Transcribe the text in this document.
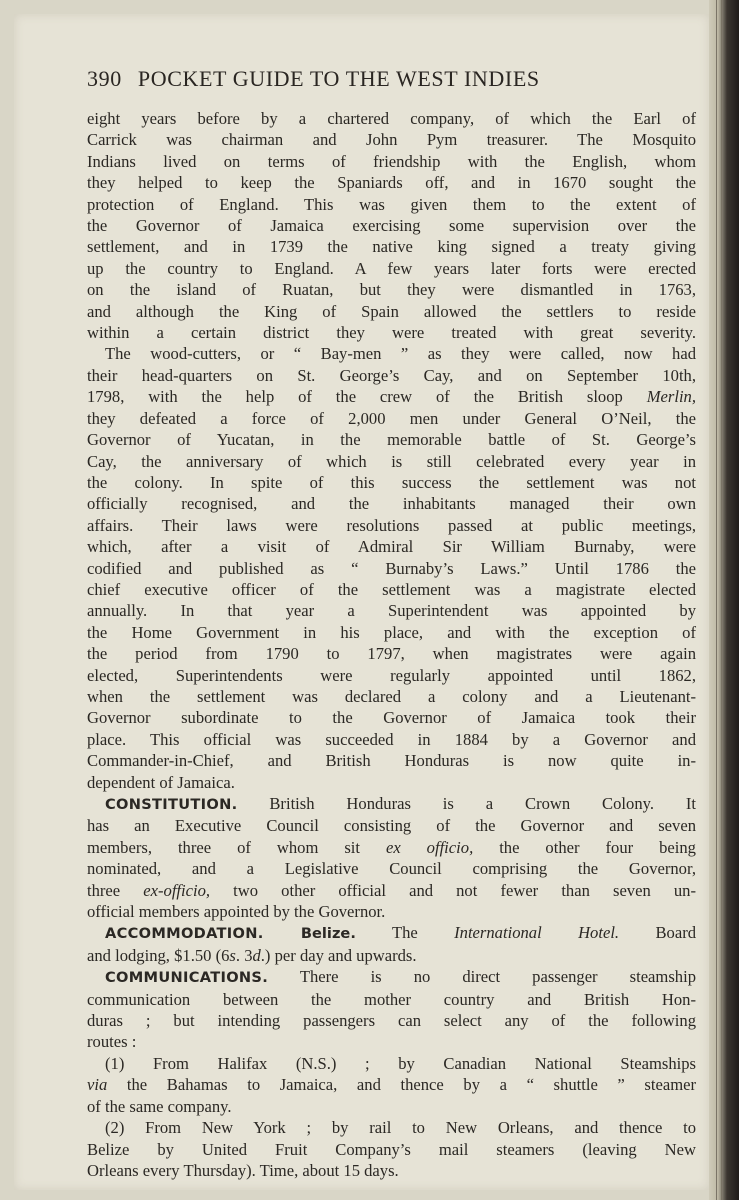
390 POCKET GUIDE TO THE WEST INDIES
eight years before by a chartered company, of which the Earl of
Carrick was chairman and John Pym treasurer. The Mosquito
Indians lived on terms of friendship with the English, whom
they helped to keep the Spaniards off, and in 1670 sought the
protection of England. This was given them to the extent of
the Governor of Jamaica exercising some supervision over the
settlement, and in 1739 the native king signed a treaty giving
up the country to England. A few years later forts were erected
on the island of Ruatan, but they were dismantled in 1763,
and although the King of Spain allowed the settlers to reside
within a certain district they were treated with great severity.
The wood-cutters, or “ Bay-men ” as they were called, now had
their head-quarters on St. George’s Cay, and on September 10th,
1798, with the help of the crew of the British sloop Merlin,
they defeated a force of 2,000 men under General O’Neil, the
Governor of Yucatan, in the memorable battle of St. George’s
Cay, the anniversary of which is still celebrated every year in
the colony. In spite of this success the settlement was not
officially recognised, and the inhabitants managed their own
affairs. Their laws were resolutions passed at public meetings,
which, after a visit of Admiral Sir William Burnaby, were
codified and published as “ Burnaby’s Laws.” Until 1786 the
chief executive officer of the settlement was a magistrate elected
annually. In that year a Superintendent was appointed by
the Home Government in his place, and with the exception of
the period from 1790 to 1797, when magistrates were again
elected, Superintendents were regularly appointed until 1862,
when the settlement was declared a colony and a Lieutenant-
Governor subordinate to the Governor of Jamaica took their
place. This official was succeeded in 1884 by a Governor and
Commander-in-Chief, and British Honduras is now quite in-
dependent of Jamaica.
CONSTITUTION. British Honduras is a Crown Colony. It
has an Executive Council consisting of the Governor and seven
members, three of whom sit ex officio, the other four being
nominated, and a Legislative Council comprising the Governor,
three ex-officio, two other official and not fewer than seven un-
official members appointed by the Governor.
ACCOMMODATION. Belize. The International Hotel. Board
and lodging, $1.50 (6s. 3d.) per day and upwards.
COMMUNICATIONS. There is no direct passenger steamship
communication between the mother country and British Hon-
duras ; but intending passengers can select any of the following
routes :
(1) From Halifax (N.S.) ; by Canadian National Steamships
via the Bahamas to Jamaica, and thence by a “ shuttle ” steamer
of the same company.
(2) From New York ; by rail to New Orleans, and thence to
Belize by United Fruit Company’s mail steamers (leaving New
Orleans every Thursday). Time, about 15 days.
